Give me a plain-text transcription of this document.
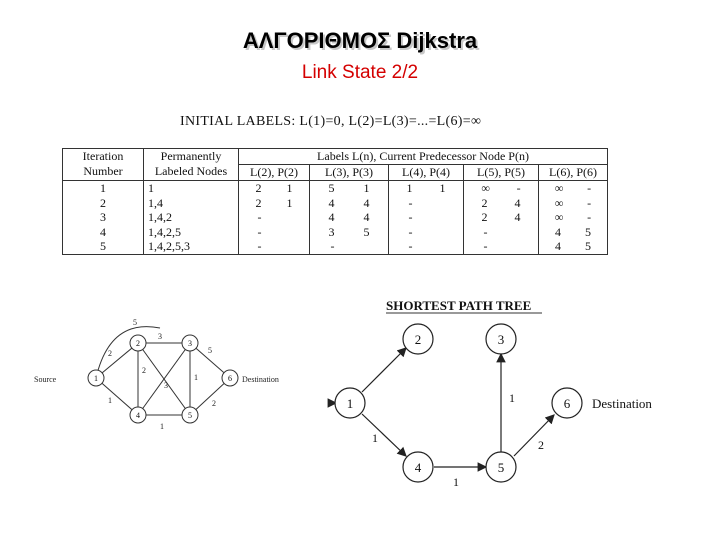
ΑΛΓΟΡΙΘΜΟΣ Dijkstra
Link State 2/2
INITIAL LABELS: L(1)=0, L(2)=L(3)=...=L(6)=∞
Iteration Number	Permanently Labeled Nodes	Labels L(n), Current Predecessor Node P(n)				
		L(2), P(2)	L(3), P(3)	L(4), P(4)	L(5), P(5)	L(6), P(6)
1	1	2 1	5 1	1 1	∞ -	∞ -

2	1,4	2 1	4 4	-	2 4	∞ -

3	1,4,2	-	4 4	-	2 4	∞ -

4	1,4,2,5	-	3 5	-	-	4 5

5	1,4,2,5,3	-	-	-	-	4 5
5
2
3
1
5
2
3
1
1
2
1
2	3
4	5
6
Source	Destination
SHORTEST PATH TREE
1
2	3
4	5
6
1
1
2
1
Destination
